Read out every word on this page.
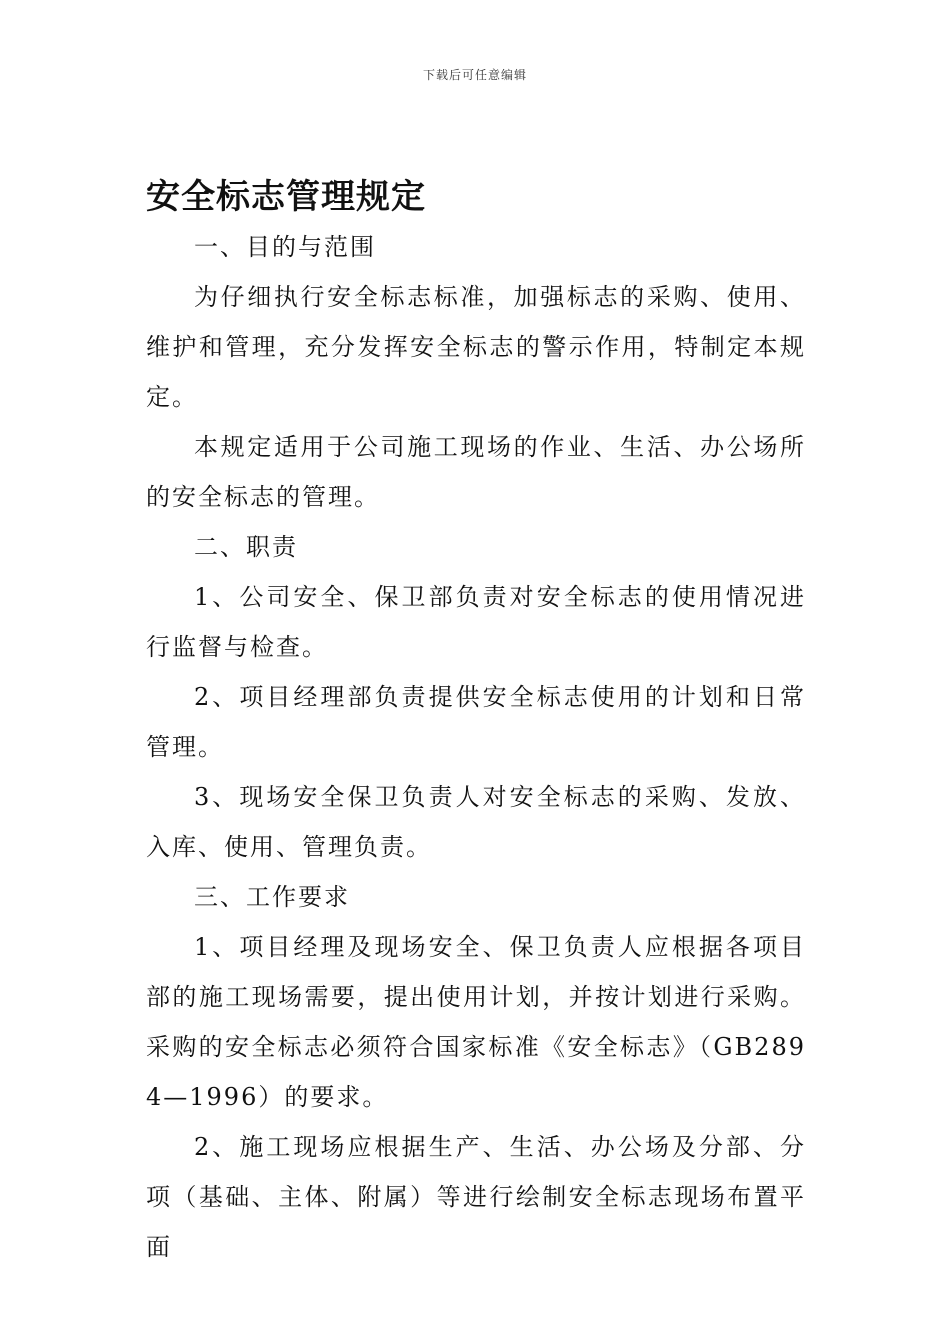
下载后可任意编辑
安全标志管理规定

一、目的与范围

为仔细执行安全标志标准，加强标志的采购、使用、维护和管理，充分发挥安全标志的警示作用，特制定本规定。

本规定适用于公司施工现场的作业、生活、办公场所的安全标志的管理。

二、职责

1、公司安全、保卫部负责对安全标志的使用情况进行监督与检查。

2、项目经理部负责提供安全标志使用的计划和日常管理。

3、现场安全保卫负责人对安全标志的采购、发放、入库、使用、管理负责。

三、工作要求

1、项目经理及现场安全、保卫负责人应根据各项目部的施工现场需要，提出使用计划，并按计划进行采购。采购的安全标志必须符合国家标准《安全标志》（GB2894—1996）的要求。

2、施工现场应根据生产、生活、办公场及分部、分项（基础、主体、附属）等进行绘制安全标志现场布置平面
